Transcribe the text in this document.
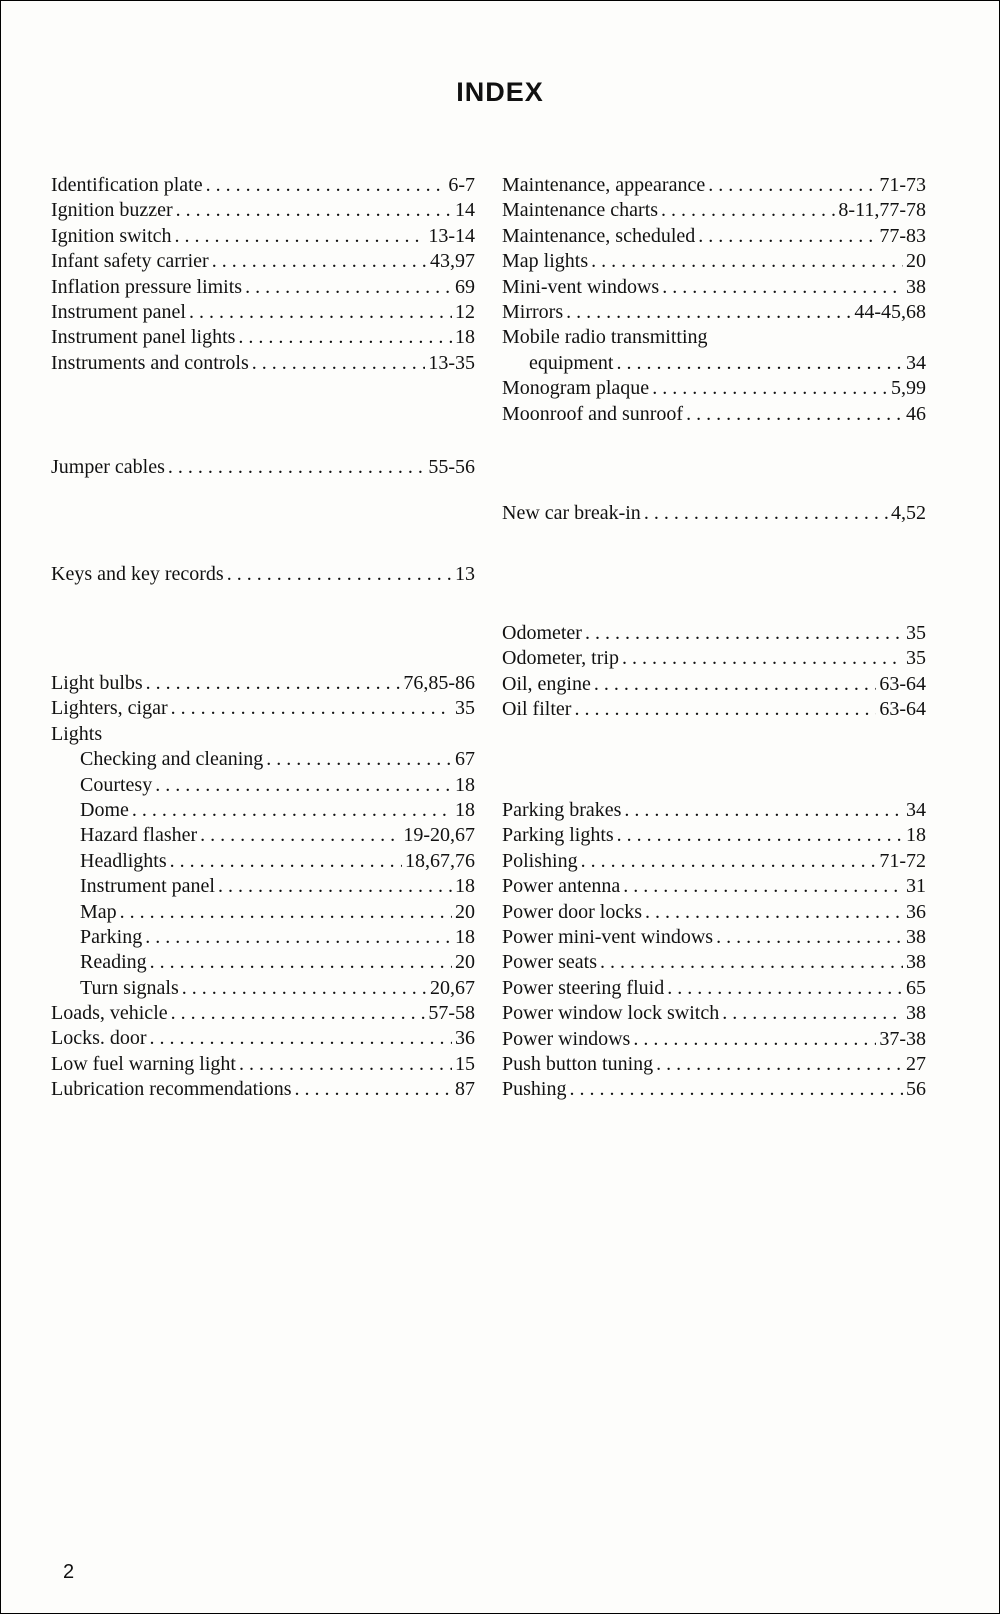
INDEX
Identification plate . . .	6-7
Ignition buzzer . . .	14
Ignition switch . . .	13-14
Infant safety carrier . . .	43,97
Inflation pressure limits . . .	69
Instrument panel . . .	12
Instrument panel lights . . .	18
Instruments and controls . . .	13-35
Jumper cables . . .	55-56
Keys and key records . . .	13
Light bulbs . . .	76,85-86
Lighters, cigar . . .	35
Lights
Checking and cleaning . . .	67
Courtesy . . .	18
Dome . . .	18
Hazard flasher . . .	19-20,67
Headlights . . .	18,67,76
Instrument panel . . .	18
Map . . .	20
Parking . . .	18
Reading . . .	20
Turn signals . . .	20,67
Loads, vehicle . . .	57-58
Locks. door . . .	36
Low fuel warning light . . .	15
Lubrication recommendations . . .	87
Maintenance, appearance . . .	71-73
Maintenance charts . . .	8-11,77-78
Maintenance, scheduled . . .	77-83
Map lights . . .	20
Mini-vent windows . . .	38
Mirrors . . .	44-45,68
Mobile radio transmitting
equipment . . .	34
Monogram plaque . . .	5,99
Moonroof and sunroof . . .	46
New car break-in . . .	4,52
Odometer . . .	35
Odometer, trip . . .	35
Oil, engine . . .	63-64
Oil filter . . .	63-64
Parking brakes . . .	34
Parking lights . . .	18
Polishing . . .	71-72
Power antenna . . .	31
Power door locks . . .	36
Power mini-vent windows . . .	38
Power seats . . .	38
Power steering fluid . . .	65
Power window lock switch . . .	38
Power windows . . .	37-38
Push button tuning . . .	27
Pushing . . .	56
2
